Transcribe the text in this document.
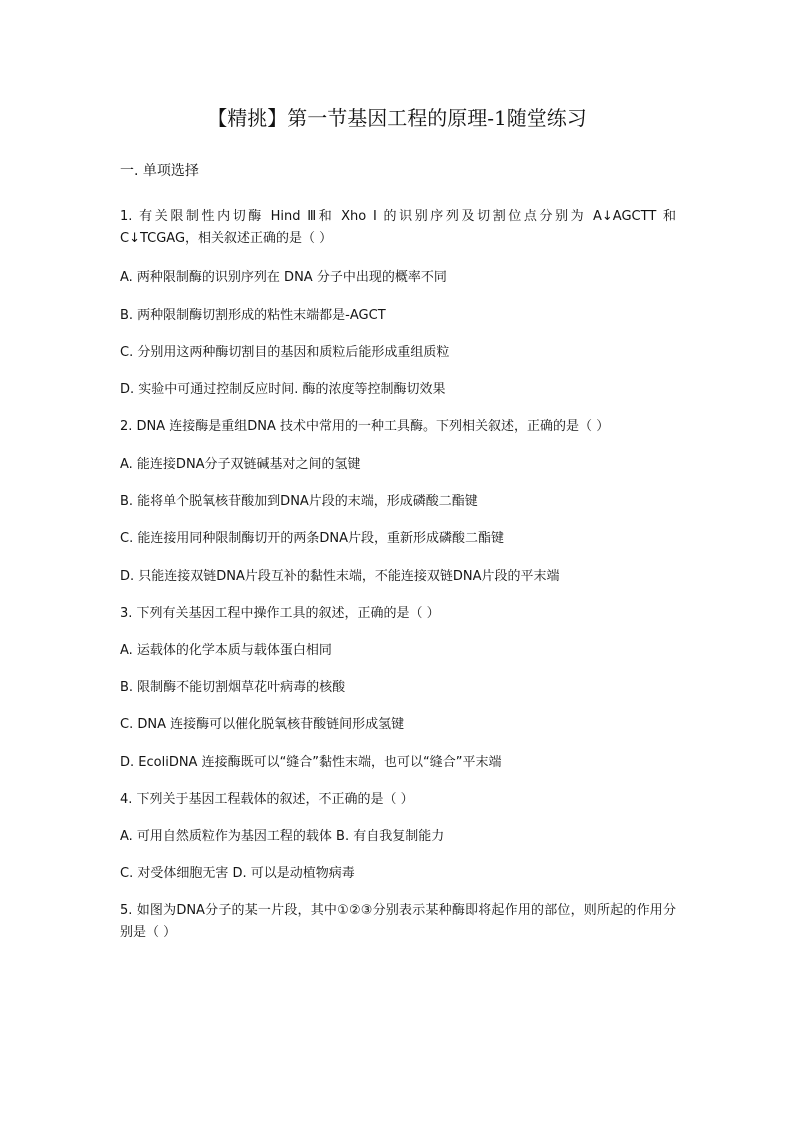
【精挑】第一节基因工程的原理-1随堂练习
一. 单项选择
1. 有关限制性内切酶 Hind Ⅲ和 Xho I 的识别序列及切割位点分别为 A↓AGCTT 和 C↓TCGAG，相关叙述正确的是（ ）
A. 两种限制酶的识别序列在 DNA 分子中出现的概率不同
B. 两种限制酶切割形成的粘性末端都是-AGCT
C. 分别用这两种酶切割目的基因和质粒后能形成重组质粒
D. 实验中可通过控制反应时间. 酶的浓度等控制酶切效果
2. DNA 连接酶是重组DNA 技术中常用的一种工具酶。下列相关叙述，正确的是（ ）
A. 能连接DNA分子双链碱基对之间的氢键
B. 能将单个脱氧核苷酸加到DNA片段的末端，形成磷酸二酯键
C. 能连接用同种限制酶切开的两条DNA片段，重新形成磷酸二酯键
D. 只能连接双链DNA片段互补的黏性末端，不能连接双链DNA片段的平末端
3. 下列有关基因工程中操作工具的叙述，正确的是（ ）
A. 运载体的化学本质与载体蛋白相同
B. 限制酶不能切割烟草花叶病毒的核酸
C. DNA 连接酶可以催化脱氧核苷酸链间形成氢键
D. EcoliDNA 连接酶既可以“缝合”黏性末端，也可以“缝合”平末端
4. 下列关于基因工程载体的叙述，不正确的是（ ）
A. 可用自然质粒作为基因工程的载体 B. 有自我复制能力
C. 对受体细胞无害 D. 可以是动植物病毒
5. 如图为DNA分子的某一片段，其中①②③分别表示某种酶即将起作用的部位，则所起的作用分别是（ ）
